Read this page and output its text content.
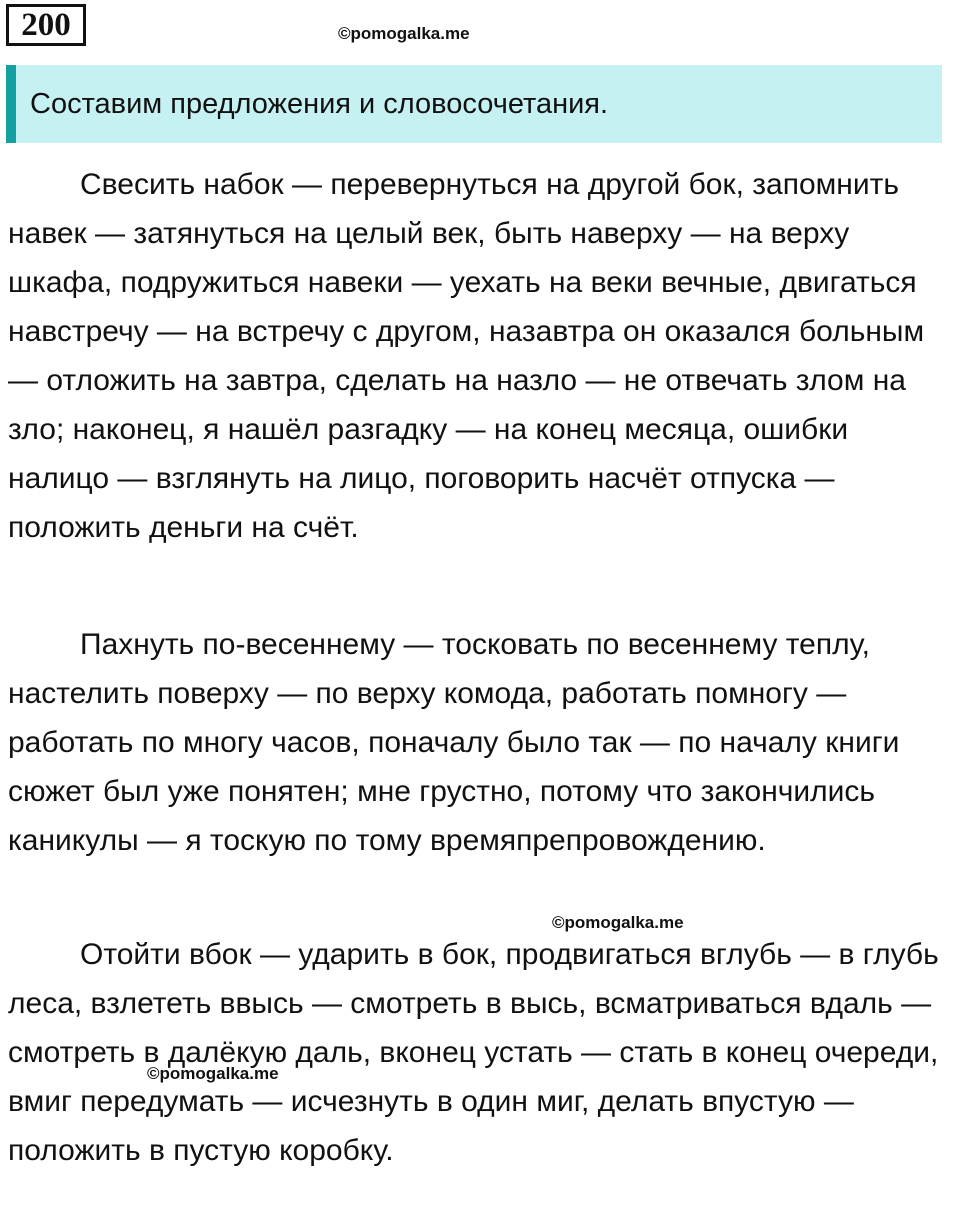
200	©pomogalka.me
Составим предложения и словосочетания.

Свесить набок — перевернуться на другой бок, запомнить навек — затянуться на целый век, быть наверху — на верху шкафа, подружиться навеки — уехать на веки вечные, двигаться навстречу — на встречу с другом, назавтра он оказался больным — отложить на завтра, сделать на назло — не отвечать злом на зло; наконец, я нашёл разгадку — на конец месяца, ошибки налицо — взглянуть на лицо, поговорить насчёт отпуска — положить деньги на счёт.

Пахнуть по-весеннему — тосковать по весеннему теплу, настелить поверху — по верху комода, работать помногу — работать по многу часов, поначалу было так — по началу книги сюжет был уже понятен; мне грустно, потому что закончились каникулы — я тоскую по тому времяпрепровождению.

©pomogalka.me

Отойти вбок — ударить в бок, продвигаться вглубь — в глубь леса, взлететь ввысь — смотреть в высь, всматриваться вдаль — смотреть в далёкую даль, вконец устать — стать в конец очереди, вмиг передумать — исчезнуть в один миг, делать впустую — положить в пустую коробку.

©pomogalka.me
